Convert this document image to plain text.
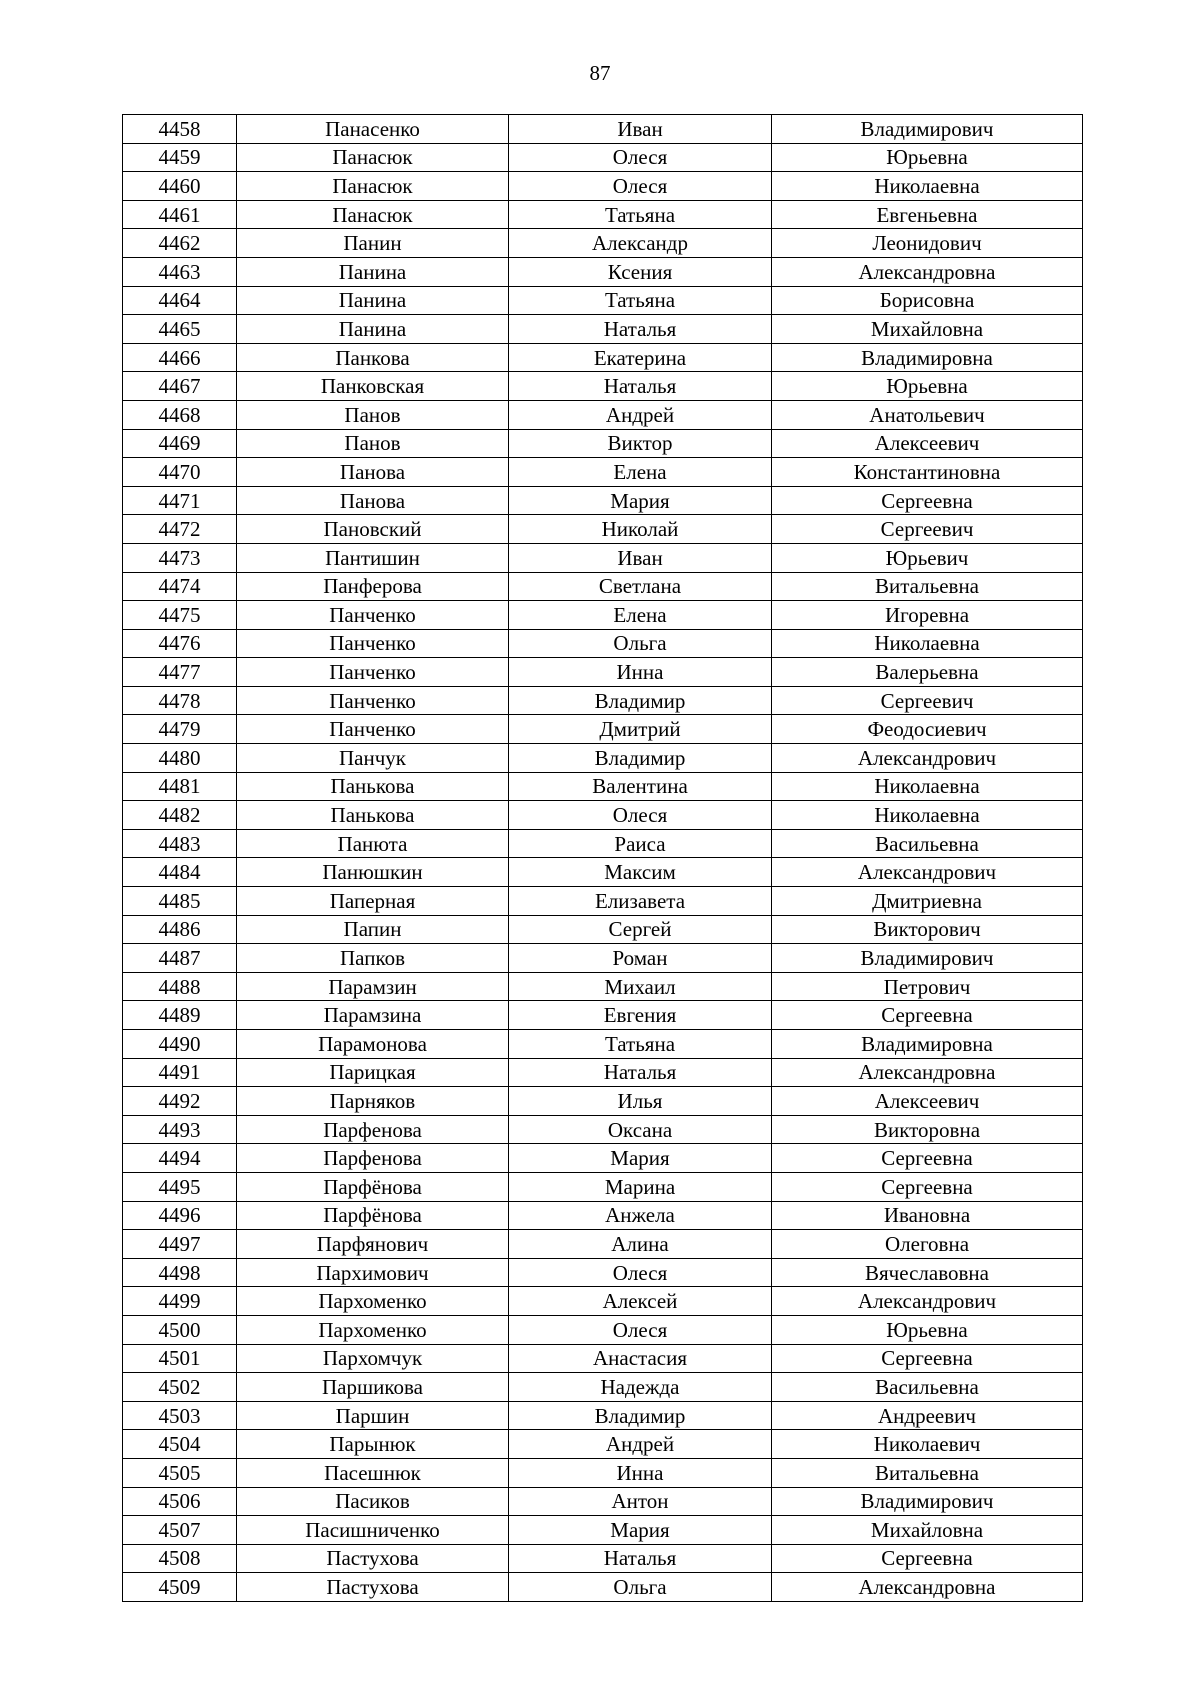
87
4458	Панасенко	Иван	Владимирович
4459	Панасюк	Олеся	Юрьевна
4460	Панасюк	Олеся	Николаевна
4461	Панасюк	Татьяна	Евгеньевна
4462	Панин	Александр	Леонидович
4463	Панина	Ксения	Александровна
4464	Панина	Татьяна	Борисовна
4465	Панина	Наталья	Михайловна
4466	Панкова	Екатерина	Владимировна
4467	Панковская	Наталья	Юрьевна
4468	Панов	Андрей	Анатольевич
4469	Панов	Виктор	Алексеевич
4470	Панова	Елена	Константиновна
4471	Панова	Мария	Сергеевна
4472	Пановский	Николай	Сергеевич
4473	Пантишин	Иван	Юрьевич
4474	Панферова	Светлана	Витальевна
4475	Панченко	Елена	Игоревна
4476	Панченко	Ольга	Николаевна
4477	Панченко	Инна	Валерьевна
4478	Панченко	Владимир	Сергеевич
4479	Панченко	Дмитрий	Феодосиевич
4480	Панчук	Владимир	Александрович
4481	Панькова	Валентина	Николаевна
4482	Панькова	Олеся	Николаевна
4483	Панюта	Раиса	Васильевна
4484	Панюшкин	Максим	Александрович
4485	Паперная	Елизавета	Дмитриевна
4486	Папин	Сергей	Викторович
4487	Папков	Роман	Владимирович
4488	Парамзин	Михаил	Петрович
4489	Парамзина	Евгения	Сергеевна
4490	Парамонова	Татьяна	Владимировна
4491	Парицкая	Наталья	Александровна
4492	Парняков	Илья	Алексеевич
4493	Парфенова	Оксана	Викторовна
4494	Парфенова	Мария	Сергеевна
4495	Парфёнова	Марина	Сергеевна
4496	Парфёнова	Анжела	Ивановна
4497	Парфянович	Алина	Олеговна
4498	Пархимович	Олеся	Вячеславовна
4499	Пархоменко	Алексей	Александрович
4500	Пархоменко	Олеся	Юрьевна
4501	Пархомчук	Анастасия	Сергеевна
4502	Паршикова	Надежда	Васильевна
4503	Паршин	Владимир	Андреевич
4504	Парынюк	Андрей	Николаевич
4505	Пасешнюк	Инна	Витальевна
4506	Пасиков	Антон	Владимирович
4507	Пасишниченко	Мария	Михайловна
4508	Пастухова	Наталья	Сергеевна
4509	Пастухова	Ольга	Александровна
